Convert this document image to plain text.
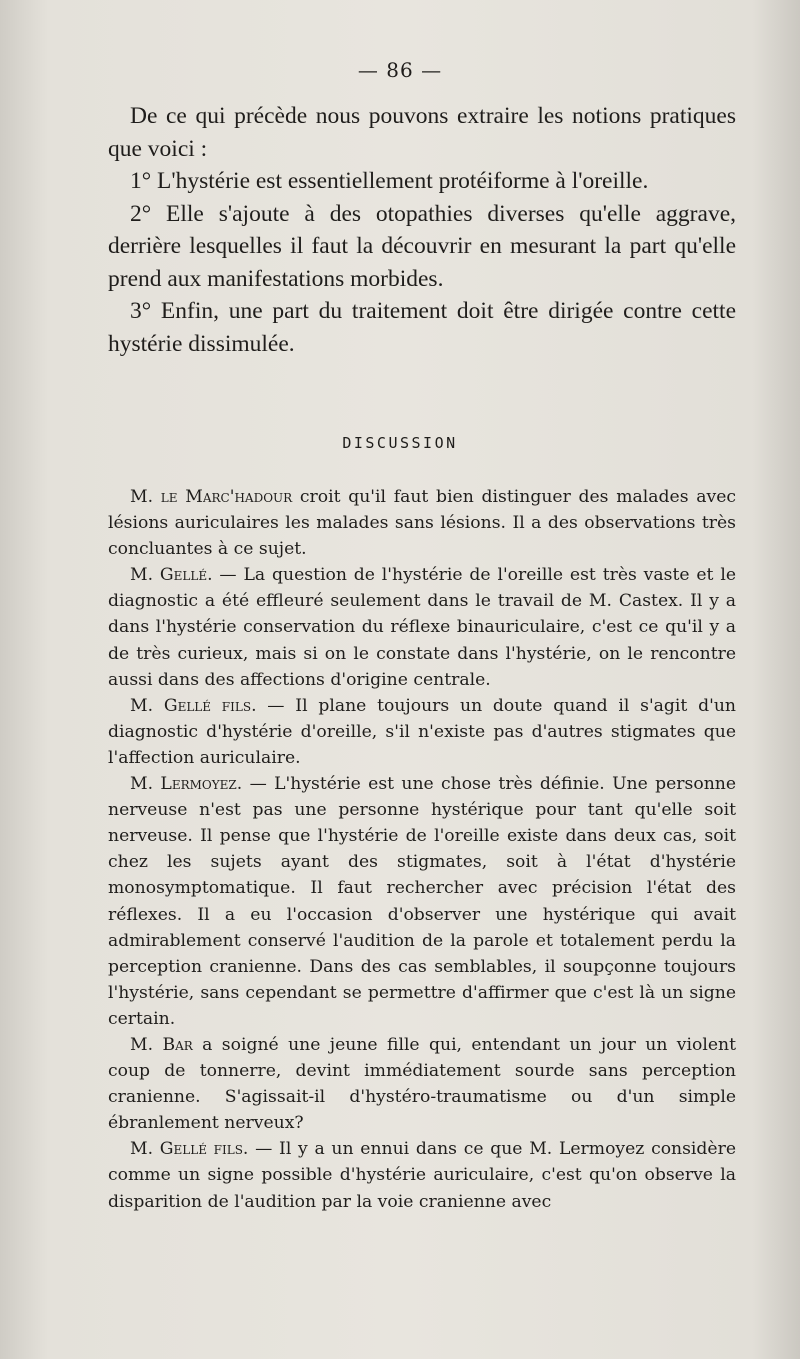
— 86 —

De ce qui précède nous pouvons extraire les notions pratiques que voici :

1° L'hystérie est essentiellement protéiforme à l'oreille.

2° Elle s'ajoute à des otopathies diverses qu'elle aggrave, derrière lesquelles il faut la découvrir en mesurant la part qu'elle prend aux manifestations morbides.

3° Enfin, une part du traitement doit être dirigée contre cette hystérie dissimulée.

DISCUSSION

M. le Marc'hadour croit qu'il faut bien distinguer des malades avec lésions auriculaires les malades sans lésions. Il a des observations très concluantes à ce sujet.

M. Gellé. — La question de l'hystérie de l'oreille est très vaste et le diagnostic a été effleuré seulement dans le travail de M. Castex. Il y a dans l'hystérie conservation du réflexe binauriculaire, c'est ce qu'il y a de très curieux, mais si on le constate dans l'hystérie, on le rencontre aussi dans des affections d'origine centrale.

M. Gellé fils. — Il plane toujours un doute quand il s'agit d'un diagnostic d'hystérie d'oreille, s'il n'existe pas d'autres stigmates que l'affection auriculaire.

M. Lermoyez. — L'hystérie est une chose très définie. Une personne nerveuse n'est pas une personne hystérique pour tant qu'elle soit nerveuse. Il pense que l'hystérie de l'oreille existe dans deux cas, soit chez les sujets ayant des stigmates, soit à l'état d'hystérie monosymptomatique. Il faut rechercher avec précision l'état des réflexes. Il a eu l'occasion d'observer une hystérique qui avait admirablement conservé l'audition de la parole et totalement perdu la perception cranienne. Dans des cas semblables, il soupçonne toujours l'hystérie, sans cependant se permettre d'affirmer que c'est là un signe certain.

M. Bar a soigné une jeune fille qui, entendant un jour un violent coup de tonnerre, devint immédiatement sourde sans perception cranienne. S'agissait-il d'hystéro-traumatisme ou d'un simple ébranlement nerveux?

M. Gellé fils. — Il y a un ennui dans ce que M. Lermoyez considère comme un signe possible d'hystérie auriculaire, c'est qu'on observe la disparition de l'audition par la voie cranienne avec
